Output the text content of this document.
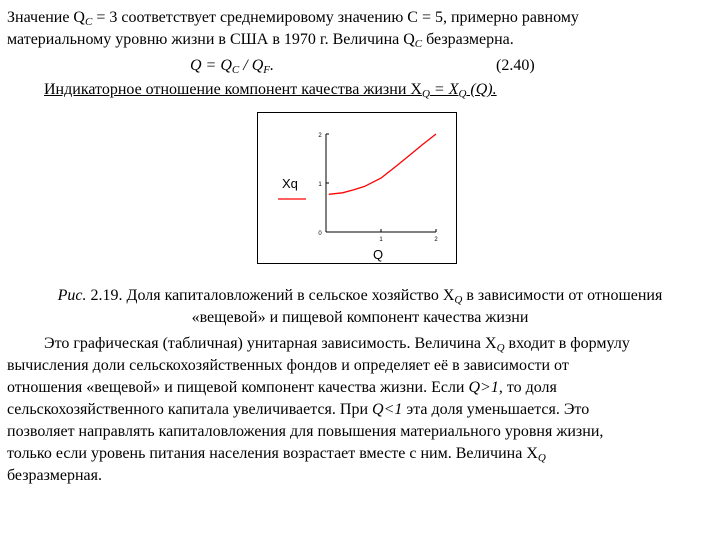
Значение $Q_C = 3$ соответствует среднемировому значению C = 5, примерно равному
материальному уровню жизни в США в 1970 г. Величина $Q_C$ безразмерна.
$Q = Q_C / Q_F$.	(2.40)
Индикаторное отношение компонент качества жизни $X_Q = X_Q$ (Q).
0
1
2
1	2
Xq
Q
Рис. 2.19. Доля капиталовложений в сельское хозяйство $X_Q$ в зависимости от отношения
«вещевой» и пищевой компонент качества жизни
Это графическая (табличная) унитарная зависимость. Величина $X_Q$ входит в формулу
вычисления доли сельскохозяйственных фондов и определяет её в зависимости от
отношения «вещевой» и пищевой компонент качества жизни. Если Q>1, то доля
сельскохозяйственного капитала увеличивается. При Q<1 эта доля уменьшается. Это
позволяет направлять капиталовложения для повышения материального уровня жизни,
только если уровень питания населения возрастает вместе с ним. Величина $X_Q$
безразмерная.
